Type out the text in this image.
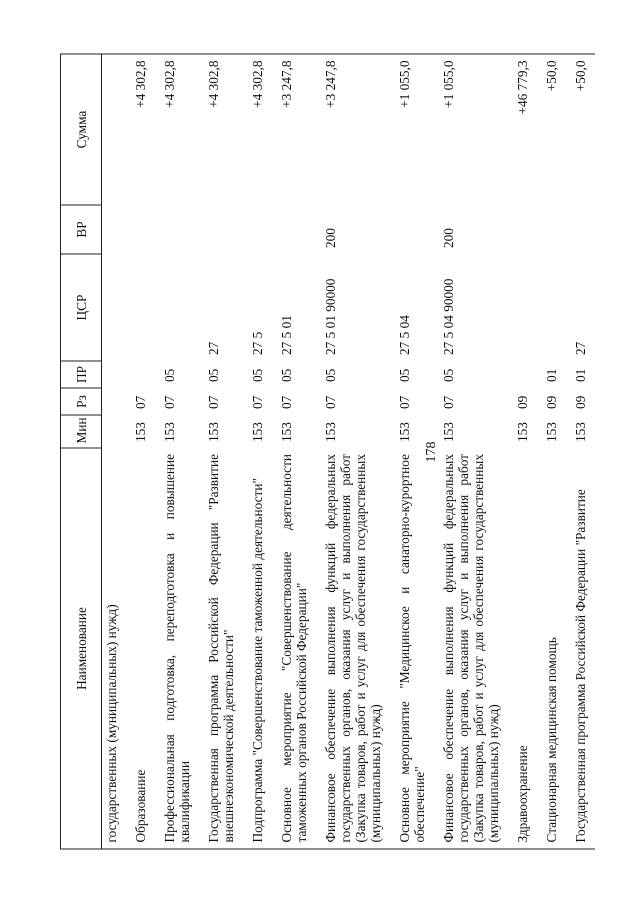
178
Наименование	Мин	Рз	ПР	ЦСР	ВР	Сумма
государственных (муниципальных) нужд)						
Образование	153	07				+4 302,8
Профессиональная подготовка, переподготовка и повышение квалификации	153	07	05			+4 302,8
Государственная программа Российской Федерации "Развитие внешнеэкономической деятельности"	153	07	05	27		+4 302,8
Подпрограмма "Совершенствование таможенной деятельности"	153	07	05	27 5		+4 302,8
Основное мероприятие "Совершенствование деятельности таможенных органов Российской Федерации"	153	07	05	27 5 01		+3 247,8
Финансовое обеспечение выполнения функций федеральных государственных органов, оказания услуг и выполнения работ (Закупка товаров, работ и услуг для обеспечения государственных (муниципальных) нужд)	153	07	05	27 5 01 90000	200	+3 247,8
Основное мероприятие "Медицинское и санаторно-курортное обеспечение"	153	07	05	27 5 04		+1 055,0
Финансовое обеспечение выполнения функций федеральных государственных органов, оказания услуг и выполнения работ (Закупка товаров, работ и услуг для обеспечения государственных (муниципальных) нужд)	153	07	05	27 5 04 90000	200	+1 055,0
Здравоохранение	153	09				+46 779,3
Стационарная медицинская помощь	153	09	01			+50,0
Государственная программа Российской Федерации "Развитие	153	09	01	27		+50,0
